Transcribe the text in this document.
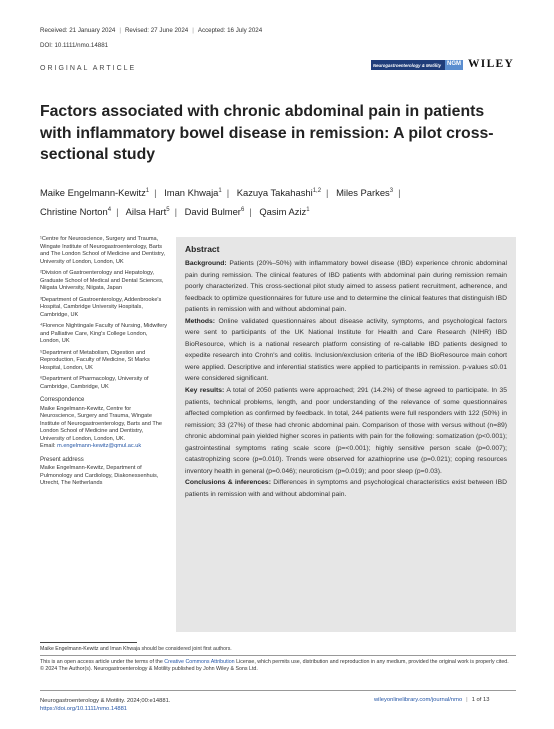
Received: 21 January 2024 | Revised: 27 June 2024 | Accepted: 16 July 2024
DOI: 10.1111/nmo.14881
ORIGINAL ARTICLE	Neurogastroenterology & Motility NGM WILEY
Factors associated with chronic abdominal pain in patients with inflammatory bowel disease in remission: A pilot cross-sectional study
Maike Engelmann-Kewitz$^1$ | Iman Khwaja$^1$ | Kazuya Takahashi$^{1,2}$ | Miles Parkes$^3$ |
Christine Norton$^4$ | Ailsa Hart$^5$ | David Bulmer$^6$ | Qasim Aziz$^1$
¹Centre for Neuroscience, Surgery and Trauma, Wingate Institute of Neurogastroenterology, Barts and The London School of Medicine and Dentistry, University of London, London, UK
²Division of Gastroenterology and Hepatology, Graduate School of Medical and Dental Sciences, Niigata University, Niigata, Japan
³Department of Gastroenterology, Addenbrooke's Hospital, Cambridge University Hospitals, Cambridge, UK
⁴Florence Nightingale Faculty of Nursing, Midwifery and Palliative Care, King's College London, London, UK
⁵Department of Metabolism, Digestion and Reproduction, Faculty of Medicine, St Marks Hospital, London, UK
⁶Department of Pharmacology, University of Cambridge, Cambridge, UK
Correspondence
Maike Engelmann-Kewitz, Centre for Neuroscience, Surgery and Trauma, Wingate Institute of Neurogastroenterology, Barts and The London School of Medicine and Dentistry, University of London, London, UK.
Email: m.engelmann-kewitz@qmul.ac.uk
Present address
Maike Engelmann-Kewitz, Department of Pulmonology and Cardiology, Diakonessenhuis, Utrecht, The Netherlands
Abstract

Background: Patients (20%–50%) with inflammatory bowel disease (IBD) experience chronic abdominal pain during remission. The clinical features of IBD patients with abdominal pain during remission remain poorly characterized. This cross-sectional pilot study aimed to assess patient recruitment, adherence, and feedback to optimize questionnaires for future use and to determine the clinical features that distinguish IBD patients in remission with and without abdominal pain.

Methods: Online validated questionnaires about disease activity, symptoms, and psychological factors were sent to participants of the UK National Institute for Health and Care Research (NIHR) IBD BioResource, which is a national research platform consisting of re-callable IBD patients designed to expedite research into Crohn's and colitis. Inclusion/exclusion criteria of the IBD BioResource main cohort were applied. Descriptive and inferential statistics were applied to participants in remission. p-values ≤0.01 were considered significant.

Key results: A total of 2050 patients were approached; 291 (14.2%) of these agreed to participate. In 35 patients, technical problems, length, and poor understanding of the relevance of some questionnaires affected completion as confirmed by feedback. In total, 244 patients were full responders with 122 (50%) in remission; 33 (27%) of these had chronic abdominal pain. Comparison of those with versus without (n=89) chronic abdominal pain yielded higher scores in patients with pain for the following: somatization (p<0.001); gastrointestinal symptoms rating scale score (p=<0.001); highly sensitive person scale (p=0.007); catastrophizing score (p=0.010). Trends were observed for azathioprine use (p=0.021); coping resources inventory health in general (p=0.046); neuroticism (p=0.019); and poor sleep (p=0.03).

Conclusions & inferences: Differences in symptoms and psychological characteristics exist between IBD patients in remission with and without abdominal pain.

Maike Engelmann-Kewitz and Iman Khwaja should be considered joint first authors.
This is an open access article under the terms of the Creative Commons Attribution License, which permits use, distribution and reproduction in any medium, provided the original work is properly cited.
© 2024 The Author(s). Neurogastroenterology & Motility published by John Wiley & Sons Ltd.
Neurogastroenterology & Motility. 2024;00:e14881.
https://doi.org/10.1111/nmo.14881
wileyonlinelibrary.com/journal/nmo | 1 of 13
